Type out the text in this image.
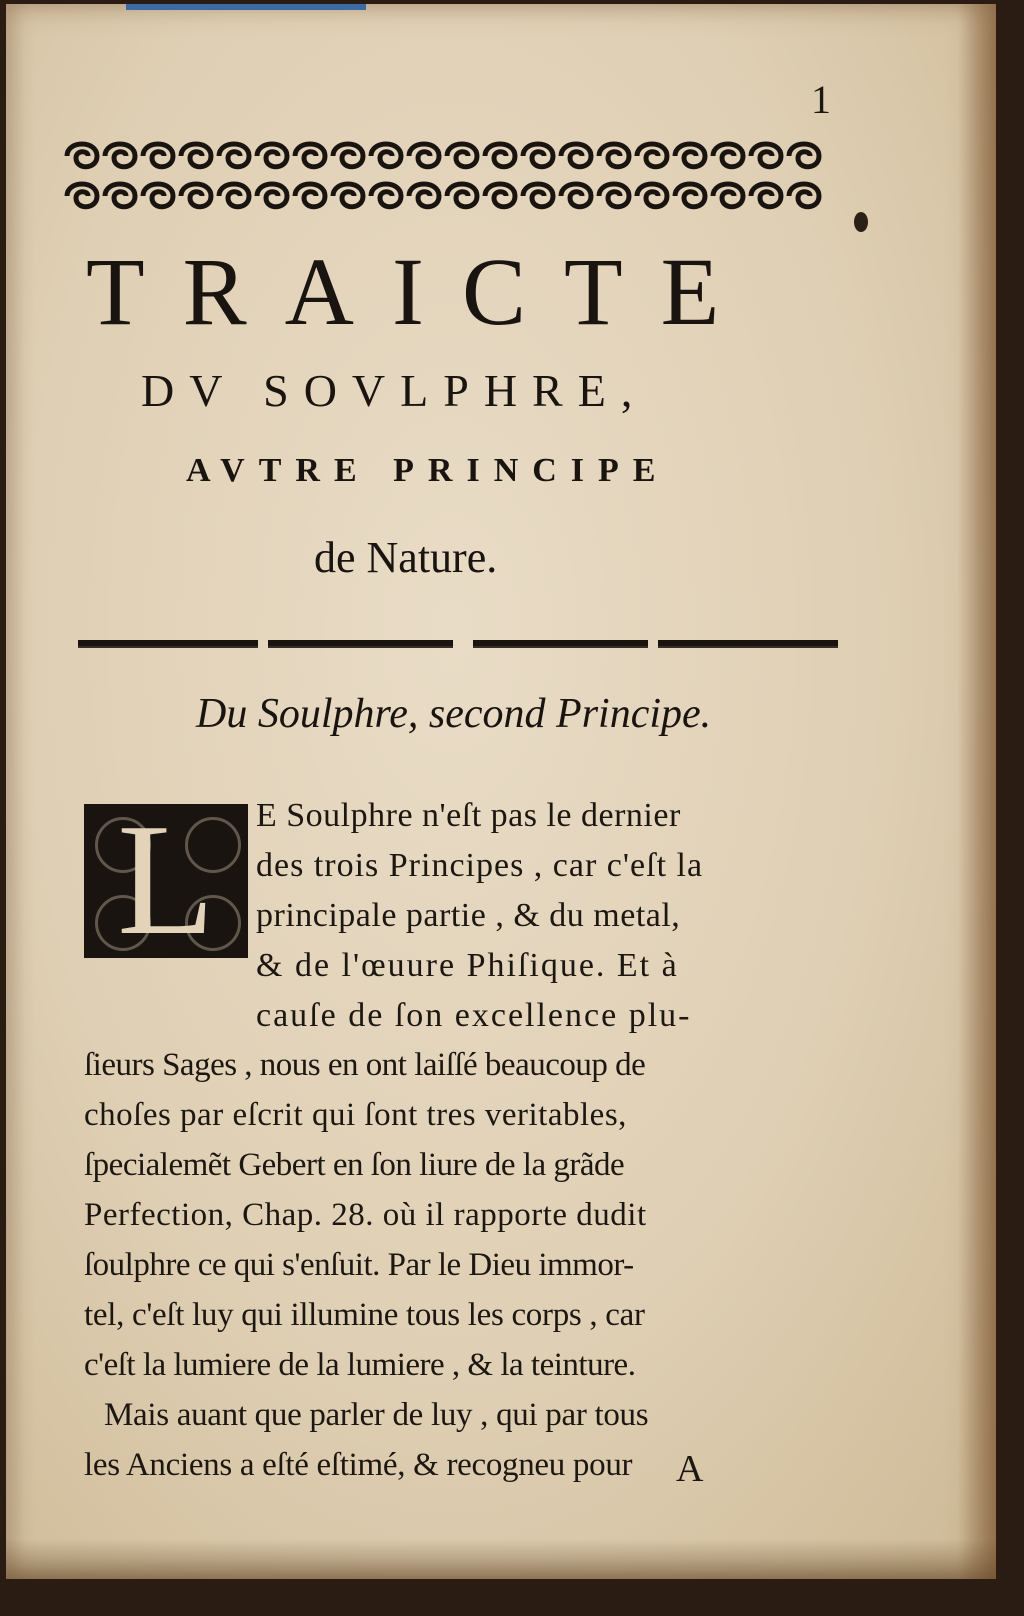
1
TRAICTE
DV SOVLPHRE,
AVTRE PRINCIPE
de Nature.
Du Soulphre, second Principe.
L	E Soulphre n'eſt pas le dernier
des trois Principes , car c'eſt la
principale partie , & du metal,
& de l'œuure Phiſique. Et à
cauſe de ſon excellence plu-
ſieurs Sages , nous en ont laiſſé beaucoup de
choſes par eſcrit qui ſont tres veritables,
ſpecialemẽt Gebert en ſon liure de la grãde
Perfection, Chap. 28. où il rapporte dudit
ſoulphre ce qui s'enſuit. Par le Dieu immor-
tel, c'eſt luy qui illumine tous les corps , car
c'eſt la lumiere de la lumiere , & la teinture.
Mais auant que parler de luy , qui par tous
les Anciens a eſté eſtimé, & recogneu pour A
